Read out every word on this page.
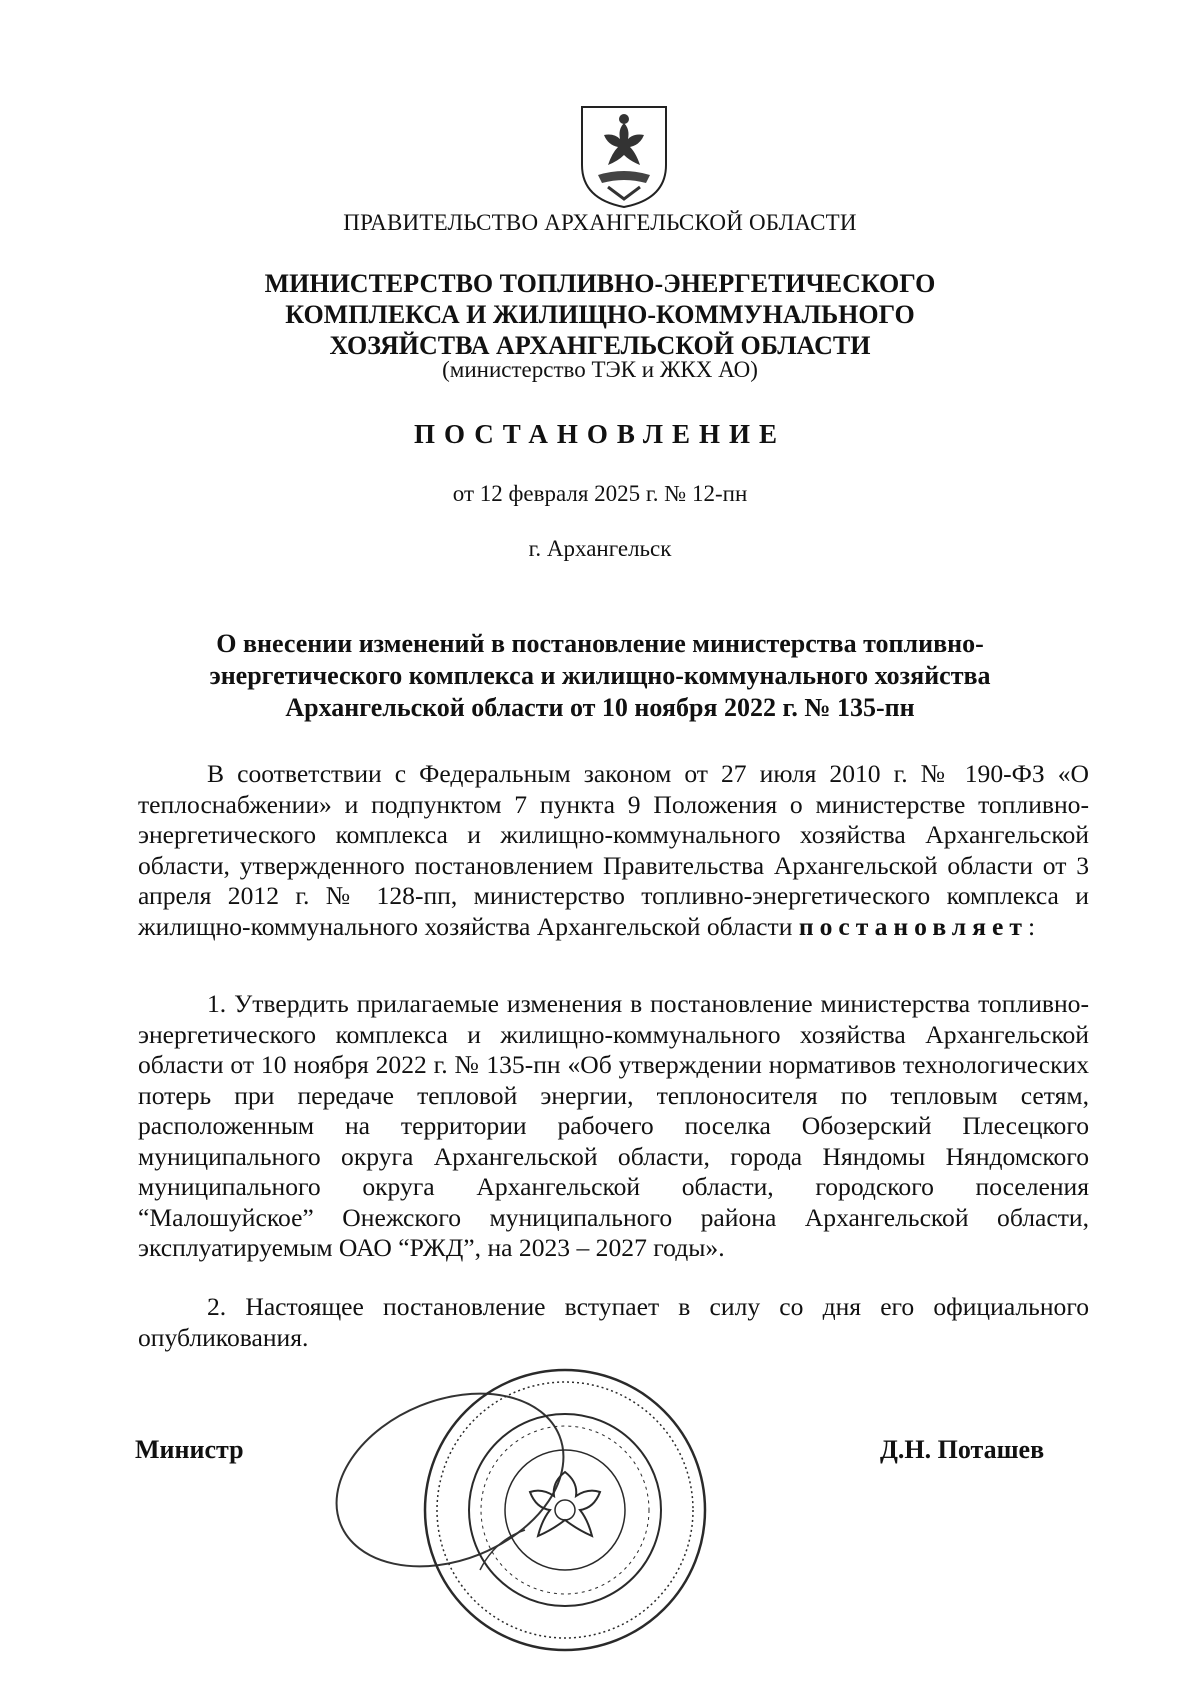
ПРАВИТЕЛЬСТВО АРХАНГЕЛЬСКОЙ ОБЛАСТИ
МИНИСТЕРСТВО ТОПЛИВНО-ЭНЕРГЕТИЧЕСКОГО
КОМПЛЕКСА И ЖИЛИЩНО-КОММУНАЛЬНОГО
ХОЗЯЙСТВА АРХАНГЕЛЬСКОЙ ОБЛАСТИ
(министерство ТЭК и ЖКХ АО)
ПОСТАНОВЛЕНИЕ
от 12 февраля 2025 г. № 12-пн
г. Архангельск
О внесении изменений в постановление министерства топливно-
энергетического комплекса и жилищно-коммунального хозяйства
Архангельской области от 10 ноября 2022 г. № 135-пн
В соответствии с Федеральным законом от 27 июля 2010 г. № 190-ФЗ «О теплоснабжении» и подпунктом 7 пункта 9 Положения о министерстве топливно-энергетического комплекса и жилищно-коммунального хозяйства Архангельской области, утвержденного постановлением Правительства Архангельской области от 3 апреля 2012 г. № 128-пп, министерство топливно-энергетического комплекса и жилищно-коммунального хозяйства Архангельской области постановляет:
1. Утвердить прилагаемые изменения в постановление министерства топливно-энергетического комплекса и жилищно-коммунального хозяйства Архангельской области от 10 ноября 2022 г. № 135-пн «Об утверждении нормативов технологических потерь при передаче тепловой энергии, теплоносителя по тепловым сетям, расположенным на территории рабочего поселка Обозерский Плесецкого муниципального округа Архангельской области, города Няндомы Няндомского муниципального округа Архангельской области, городского поселения “Малошуйское” Онежского муниципального района Архангельской области, эксплуатируемым ОАО “РЖД”, на 2023 – 2027 годы».
2. Настоящее постановление вступает в силу со дня его официального опубликования.
Министр	Д.Н. Поташев
